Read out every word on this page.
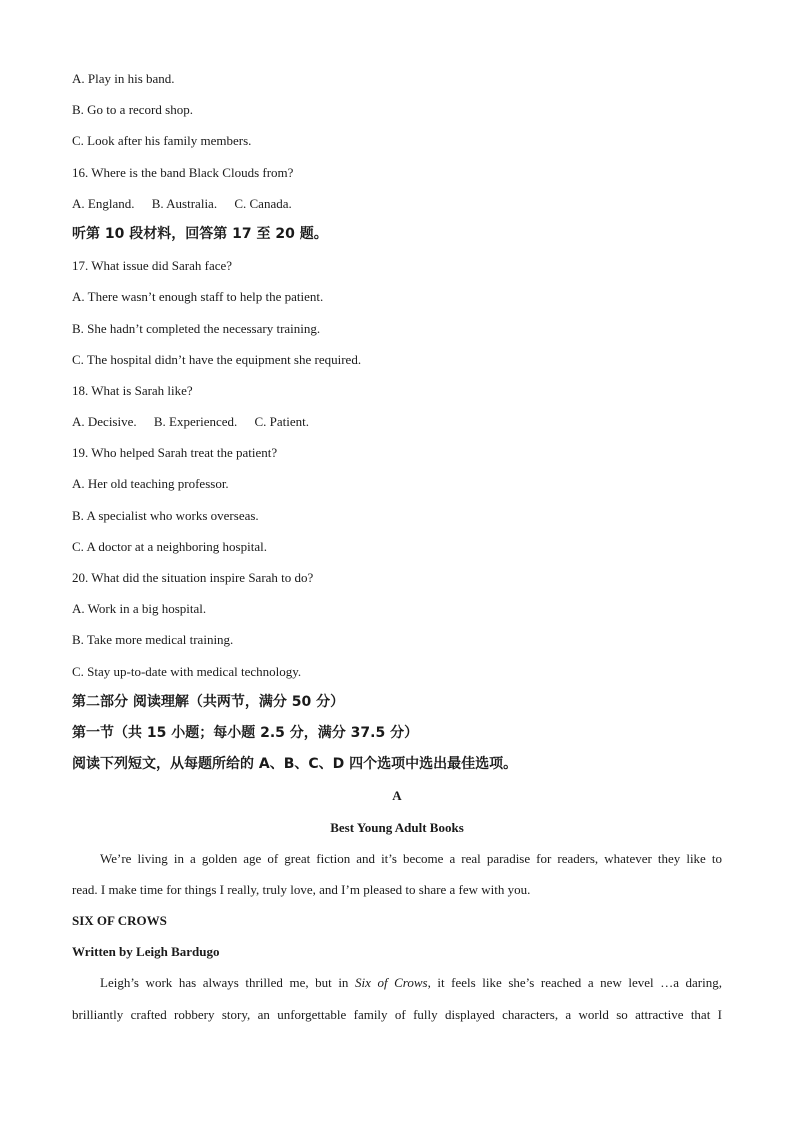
A. Play in his band.
B. Go to a record shop.
C. Look after his family members.
16. Where is the band Black Clouds from?
A. England. B. Australia. C. Canada.
听第 10 段材料，回答第 17 至 20 题。
17. What issue did Sarah face?
A. There wasn’t enough staff to help the patient.
B. She hadn’t completed the necessary training.
C. The hospital didn’t have the equipment she required.
18. What is Sarah like?
A. Decisive. B. Experienced. C. Patient.
19. Who helped Sarah treat the patient?
A. Her old teaching professor.
B. A specialist who works overseas.
C. A doctor at a neighboring hospital.
20. What did the situation inspire Sarah to do?
A. Work in a big hospital.
B. Take more medical training.
C. Stay up-to-date with medical technology.
第二部分 阅读理解（共两节，满分 50 分）
第一节（共 15 小题；每小题 2.5 分，满分 37.5 分）
阅读下列短文，从每题所给的 A、B、C、D 四个选项中选出最佳选项。
A
Best Young Adult Books
We’re living in a golden age of great fiction and it’s become a real paradise for readers, whatever they like to
read. I make time for things I really, truly love, and I’m pleased to share a few with you.
SIX OF CROWS
Written by Leigh Bardugo
Leigh’s work has always thrilled me, but in Six of Crows, it feels like she’s reached a new level …a daring,
brilliantly crafted robbery story, an unforgettable family of fully displayed characters, a world so attractive that I
